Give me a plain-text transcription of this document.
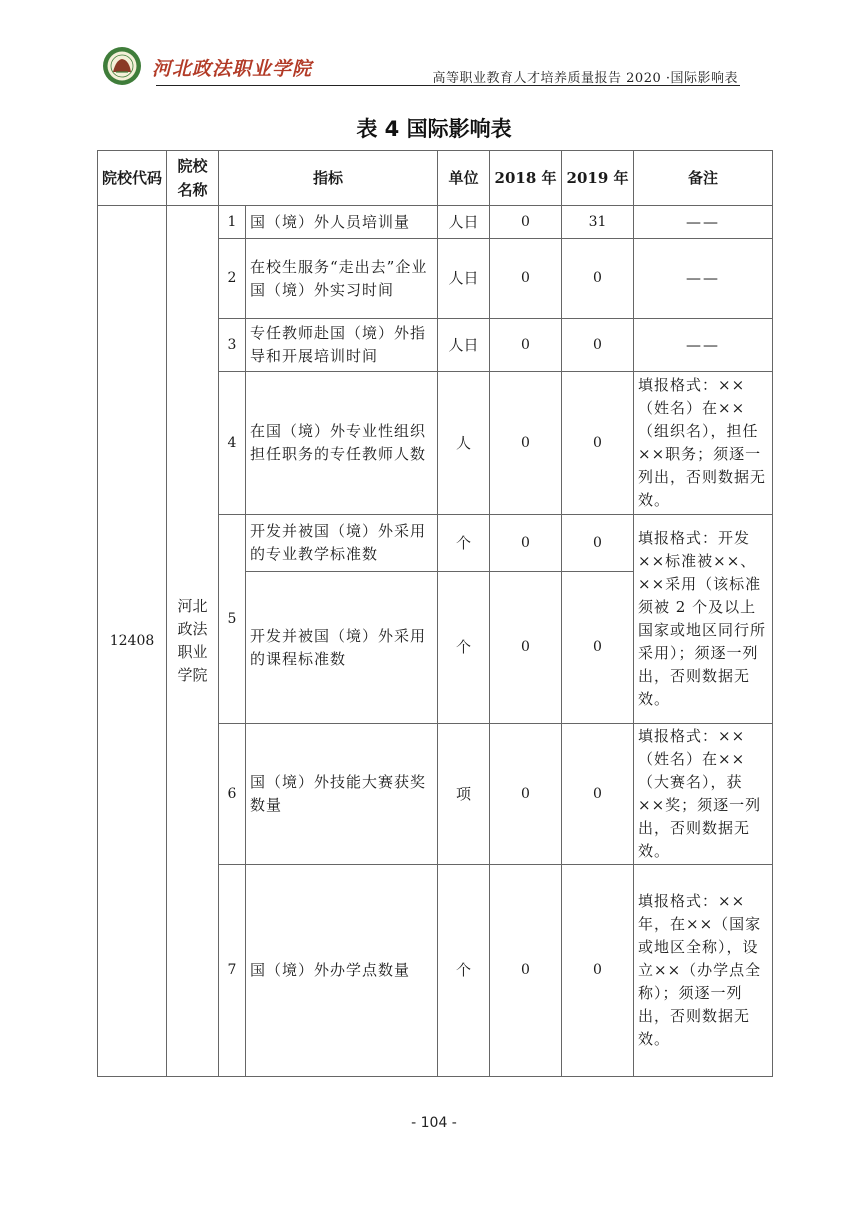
河北政法职业学院	高等职业教育人才培养质量报告 2020 ·国际影响表
表 4 国际影响表
院校代码	院校名称	指标		单位	2018 年	2019 年	备注
12408	河北政法职业学院	1	国（境）外人员培训量	人日	0	31	——
		2	在校生服务“走出去”企业国（境）外实习时间	人日	0	0	——
		3	专任教师赴国（境）外指导和开展培训时间	人日	0	0	——
		4	在国（境）外专业性组织担任职务的专任教师人数	人	0	0	填报格式：××（姓名）在××（组织名），担任××职务；须逐一列出，否则数据无效。
		5	开发并被国（境）外采用的专业教学标准数	个	0	0	填报格式：开发××标准被××、××采用（该标准须被 2 个及以上国家或地区同行所采用）；须逐一列出，否则数据无效。
			开发并被国（境）外采用的课程标准数	个	0	0	
		6	国（境）外技能大赛获奖数量	项	0	0	填报格式：××（姓名）在××（大赛名），获××奖；须逐一列出，否则数据无效。
		7	国（境）外办学点数量	个	0	0	填报格式：××年，在××（国家或地区全称），设立××（办学点全称）；须逐一列出，否则数据无效。
- 104 -
